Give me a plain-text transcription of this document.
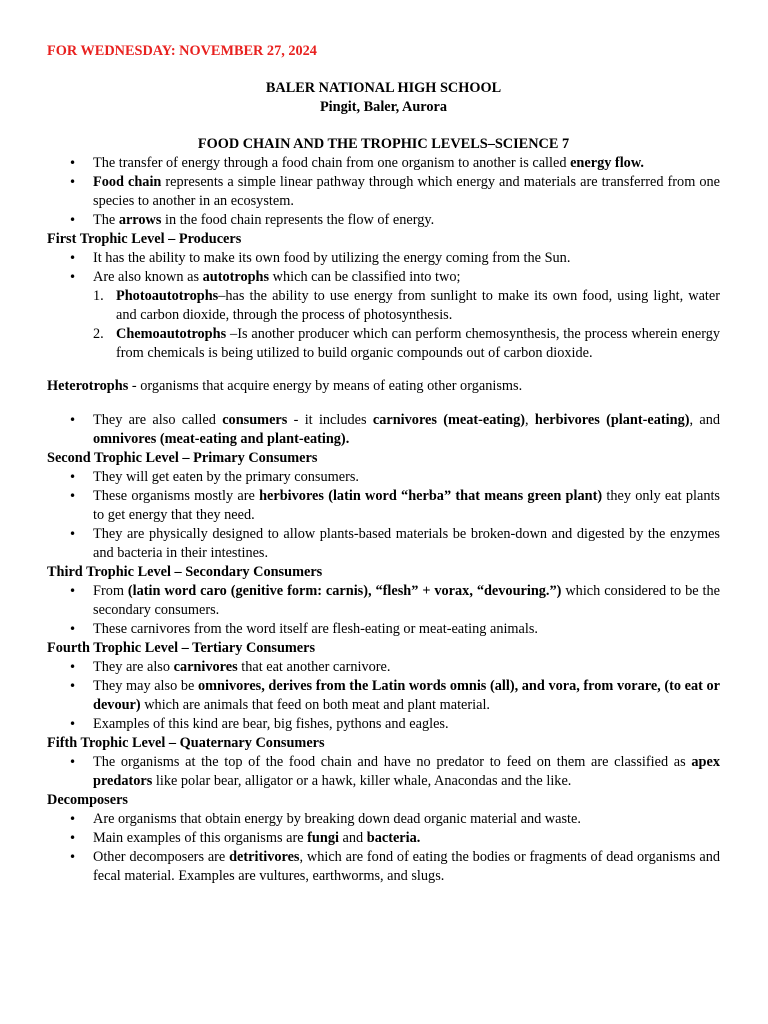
FOR WEDNESDAY: NOVEMBER 27, 2024

BALER NATIONAL HIGH SCHOOL

Pingit, Baler, Aurora

FOOD CHAIN AND THE TROPHIC LEVELS–SCIENCE 7

• The transfer of energy through a food chain from one organism to another is called energy flow.
• Food chain represents a simple linear pathway through which energy and materials are transferred from one species to another in an ecosystem.
• The arrows in the food chain represents the flow of energy.

First Trophic Level – Producers

• It has the ability to make its own food by utilizing the energy coming from the Sun.
• Are also known as autotrophs which can be classified into two;
1. Photoautotrophs–has the ability to use energy from sunlight to make its own food, using light, water and carbon dioxide, through the process of photosynthesis.
2. Chemoautotrophs –Is another producer which can perform chemosynthesis, the process wherein energy from chemicals is being utilized to build organic compounds out of carbon dioxide.

Heterotrophs - organisms that acquire energy by means of eating other organisms.

• They are also called consumers - it includes carnivores (meat-eating), herbivores (plant-eating), and omnivores (meat-eating and plant-eating).

Second Trophic Level – Primary Consumers

• They will get eaten by the primary consumers.
• These organisms mostly are herbivores (latin word “herba” that means green plant) they only eat plants to get energy that they need.
• They are physically designed to allow plants-based materials be broken-down and digested by the enzymes and bacteria in their intestines.

Third Trophic Level – Secondary Consumers

• From (latin word caro (genitive form: carnis), “flesh” + vorax, “devouring.”) which considered to be the secondary consumers.
• These carnivores from the word itself are flesh-eating or meat-eating animals.

Fourth Trophic Level – Tertiary Consumers

• They are also carnivores that eat another carnivore.
• They may also be omnivores, derives from the Latin words omnis (all), and vora, from vorare, (to eat or devour) which are animals that feed on both meat and plant material.
• Examples of this kind are bear, big fishes, pythons and eagles.

Fifth Trophic Level – Quaternary Consumers

• The organisms at the top of the food chain and have no predator to feed on them are classified as apex predators like polar bear, alligator or a hawk, killer whale, Anacondas and the like.

Decomposers

• Are organisms that obtain energy by breaking down dead organic material and waste.
• Main examples of this organisms are fungi and bacteria.
• Other decomposers are detritivores, which are fond of eating the bodies or fragments of dead organisms and fecal material. Examples are vultures, earthworms, and slugs.
